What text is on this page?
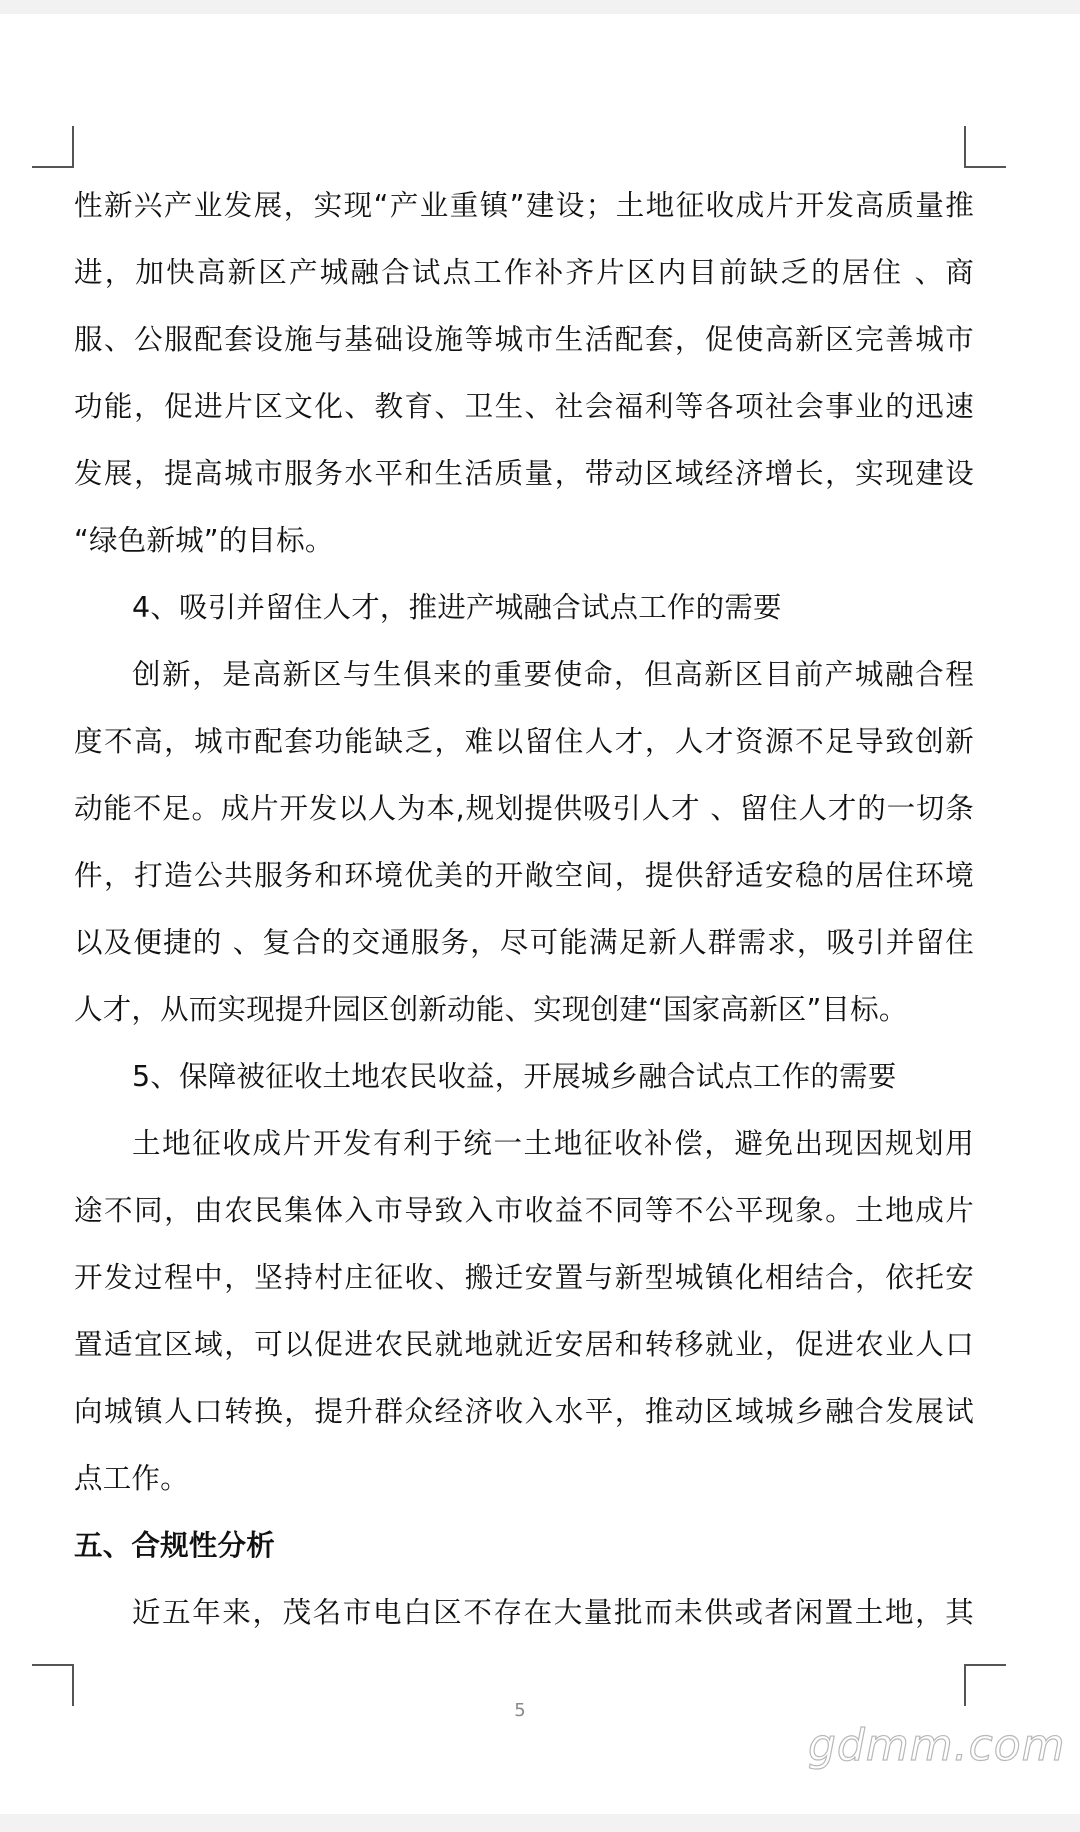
性新兴产业发展，实现“产业重镇”建设；土地征收成片开发高质量推
进，加快高新区产城融合试点工作补齐片区内目前缺乏的居住 、商
服、公服配套设施与基础设施等城市生活配套，促使高新区完善城市
功能，促进片区文化、教育、卫生、社会福利等各项社会事业的迅速
发展，提高城市服务水平和生活质量，带动区域经济增长，实现建设
“绿色新城”的目标。
4、吸引并留住人才，推进产城融合试点工作的需要
创新，是高新区与生俱来的重要使命，但高新区目前产城融合程
度不高，城市配套功能缺乏，难以留住人才，人才资源不足导致创新
动能不足。成片开发以人为本,规划提供吸引人才 、留住人才的一切条
件，打造公共服务和环境优美的开敞空间，提供舒适安稳的居住环境
以及便捷的 、复合的交通服务，尽可能满足新人群需求，吸引并留住
人才，从而实现提升园区创新动能、实现创建“国家高新区”目标。
5、保障被征收土地农民收益，开展城乡融合试点工作的需要
土地征收成片开发有利于统一土地征收补偿，避免出现因规划用
途不同，由农民集体入市导致入市收益不同等不公平现象。土地成片
开发过程中，坚持村庄征收、搬迁安置与新型城镇化相结合，依托安
置适宜区域，可以促进农民就地就近安居和转移就业，促进农业人口
向城镇人口转换，提升群众经济收入水平，推动区域城乡融合发展试
点工作。
五、合规性分析
近五年来，茂名市电白区不存在大量批而未供或者闲置土地，其
5
gdmm.com
